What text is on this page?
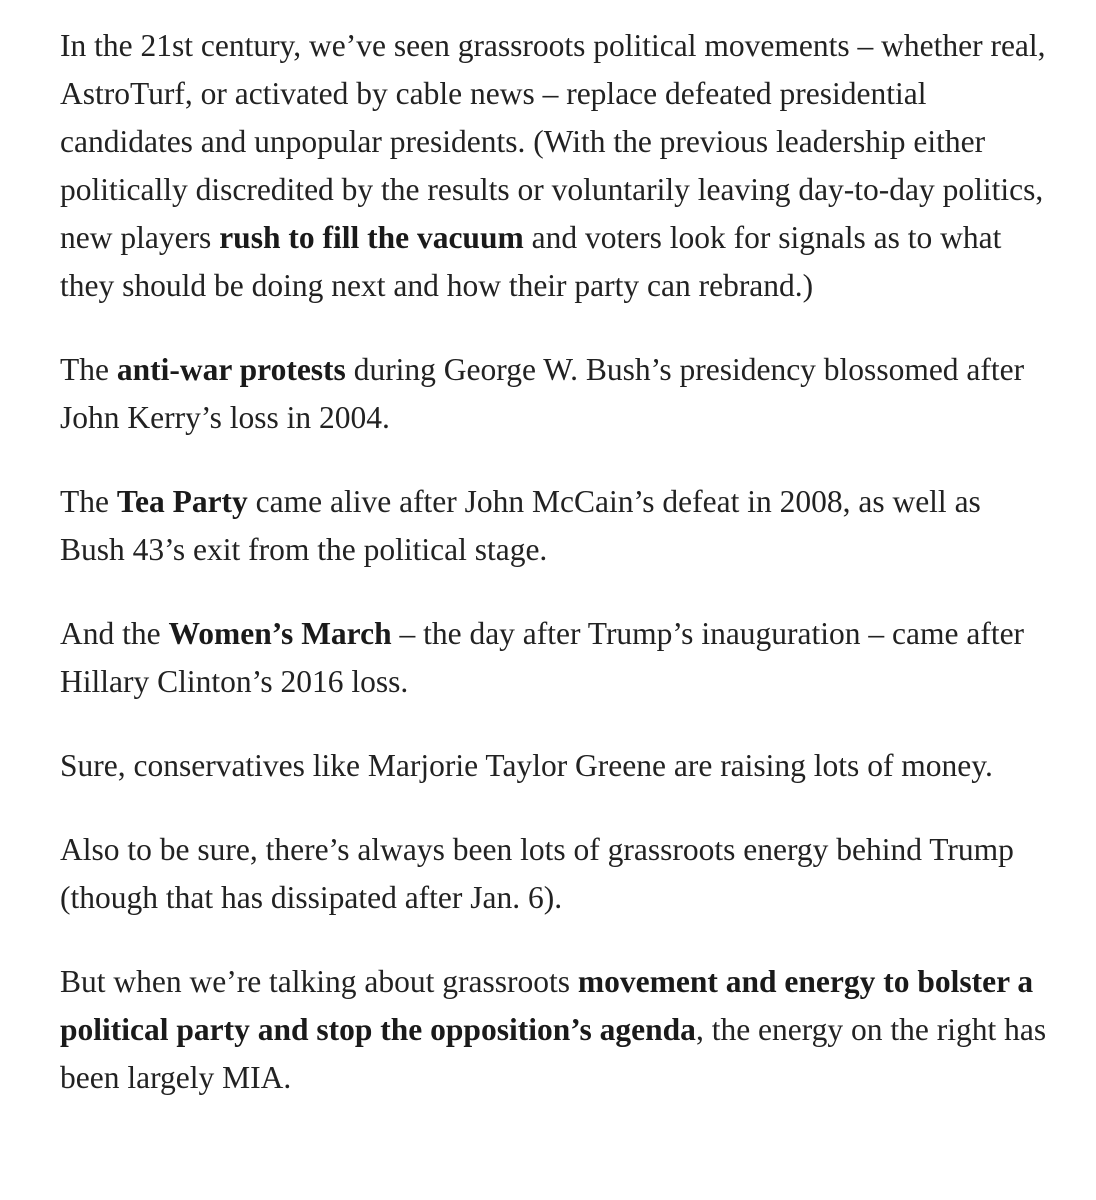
In the 21st century, we’ve seen grassroots political movements – whether real, AstroTurf, or activated by cable news – replace defeated presidential candidates and unpopular presidents. (With the previous leadership either politically discredited by the results or voluntarily leaving day-to-day politics, new players rush to fill the vacuum and voters look for signals as to what they should be doing next and how their party can rebrand.)

The anti-war protests during George W. Bush’s presidency blossomed after John Kerry’s loss in 2004.

The Tea Party came alive after John McCain’s defeat in 2008, as well as Bush 43’s exit from the political stage.

And the Women’s March – the day after Trump’s inauguration – came after Hillary Clinton’s 2016 loss.

Sure, conservatives like Marjorie Taylor Greene are raising lots of money.

Also to be sure, there’s always been lots of grassroots energy behind Trump (though that has dissipated after Jan. 6).

But when we’re talking about grassroots movement and energy to bolster a political party and stop the opposition’s agenda, the energy on the right has been largely MIA.
